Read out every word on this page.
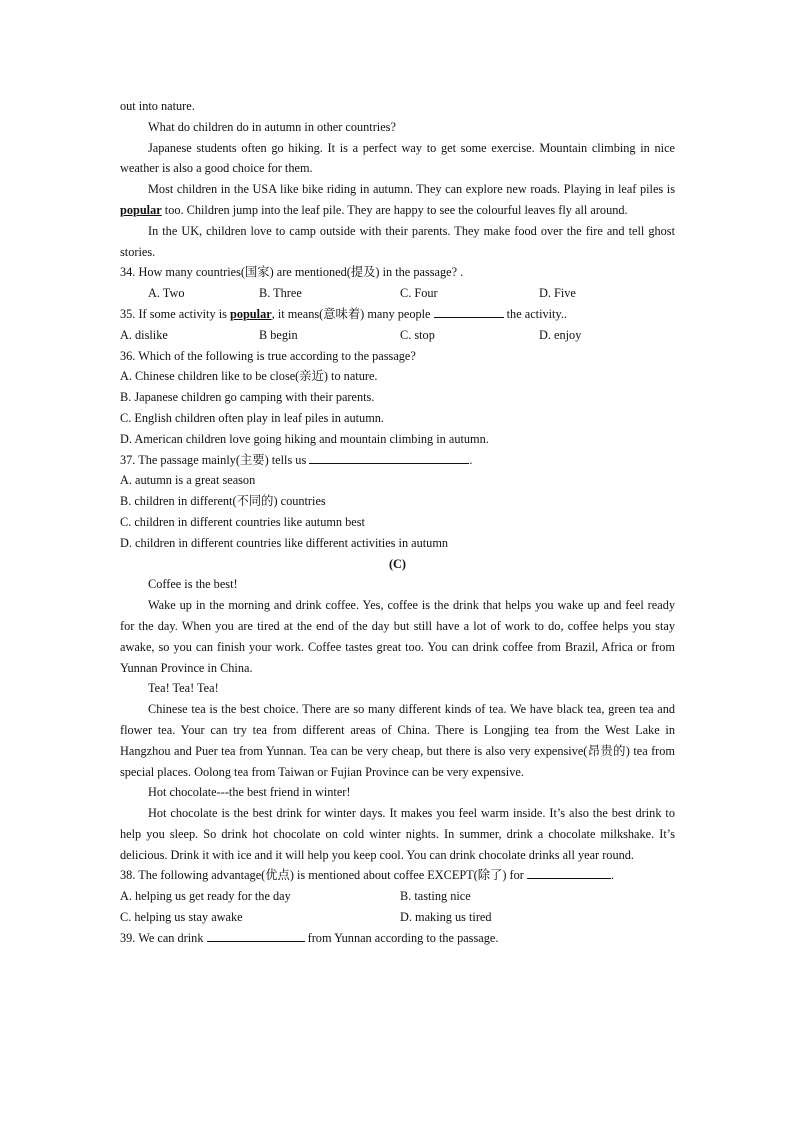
out into nature.

What do children do in autumn in other countries?

Japanese students often go hiking. It is a perfect way to get some exercise. Mountain climbing in nice weather is also a good choice for them.

Most children in the USA like bike riding in autumn. They can explore new roads. Playing in leaf piles is popular too. Children jump into the leaf pile. They are happy to see the colourful leaves fly all around.

In the UK, children love to camp outside with their parents. They make food over the fire and tell ghost stories.

34. How many countries(国家) are mentioned(提及) in the passage? .

A. Two	B. Three	C. Four	D. Five

35. If some activity is popular, it means(意味着) many people	the activity..

A. dislike	B begin	C. stop	D. enjoy

36. Which of the following is true according to the passage?

A. Chinese children like to be close(亲近) to nature.

B. Japanese children go camping with their parents.

C. English children often play in leaf piles in autumn.

D. American children love going hiking and mountain climbing in autumn.

37. The passage mainly(主要) tells us	.

A. autumn is a great season

B. children in different(不同的) countries

C. children in different countries like autumn best

D. children in different countries like different activities in autumn

(C)

Coffee is the best!

Wake up in the morning and drink coffee. Yes, coffee is the drink that helps you wake up and feel ready for the day. When you are tired at the end of the day but still have a lot of work to do, coffee helps you stay awake, so you can finish your work. Coffee tastes great too. You can drink coffee from Brazil, Africa or from Yunnan Province in China.

Tea! Tea! Tea!

Chinese tea is the best choice. There are so many different kinds of tea. We have black tea, green tea and flower tea. Your can try tea from different areas of China. There is Longjing tea from the West Lake in Hangzhou and Puer tea from Yunnan. Tea can be very cheap, but there is also very expensive(昂贵的) tea from special places. Oolong tea from Taiwan or Fujian Province can be very expensive.

Hot chocolate---the best friend in winter!

Hot chocolate is the best drink for winter days. It makes you feel warm inside. It’s also the best drink to help you sleep. So drink hot chocolate on cold winter nights. In summer, drink a chocolate milkshake. It’s delicious. Drink it with ice and it will help you keep cool. You can drink chocolate drinks all year round.

38. The following advantage(优点) is mentioned about coffee EXCEPT(除了) for	.

A. helping us get ready for the day	B. tasting nice
C. helping us stay awake	D. making us tired

39. We can drink	from Yunnan according to the passage.
